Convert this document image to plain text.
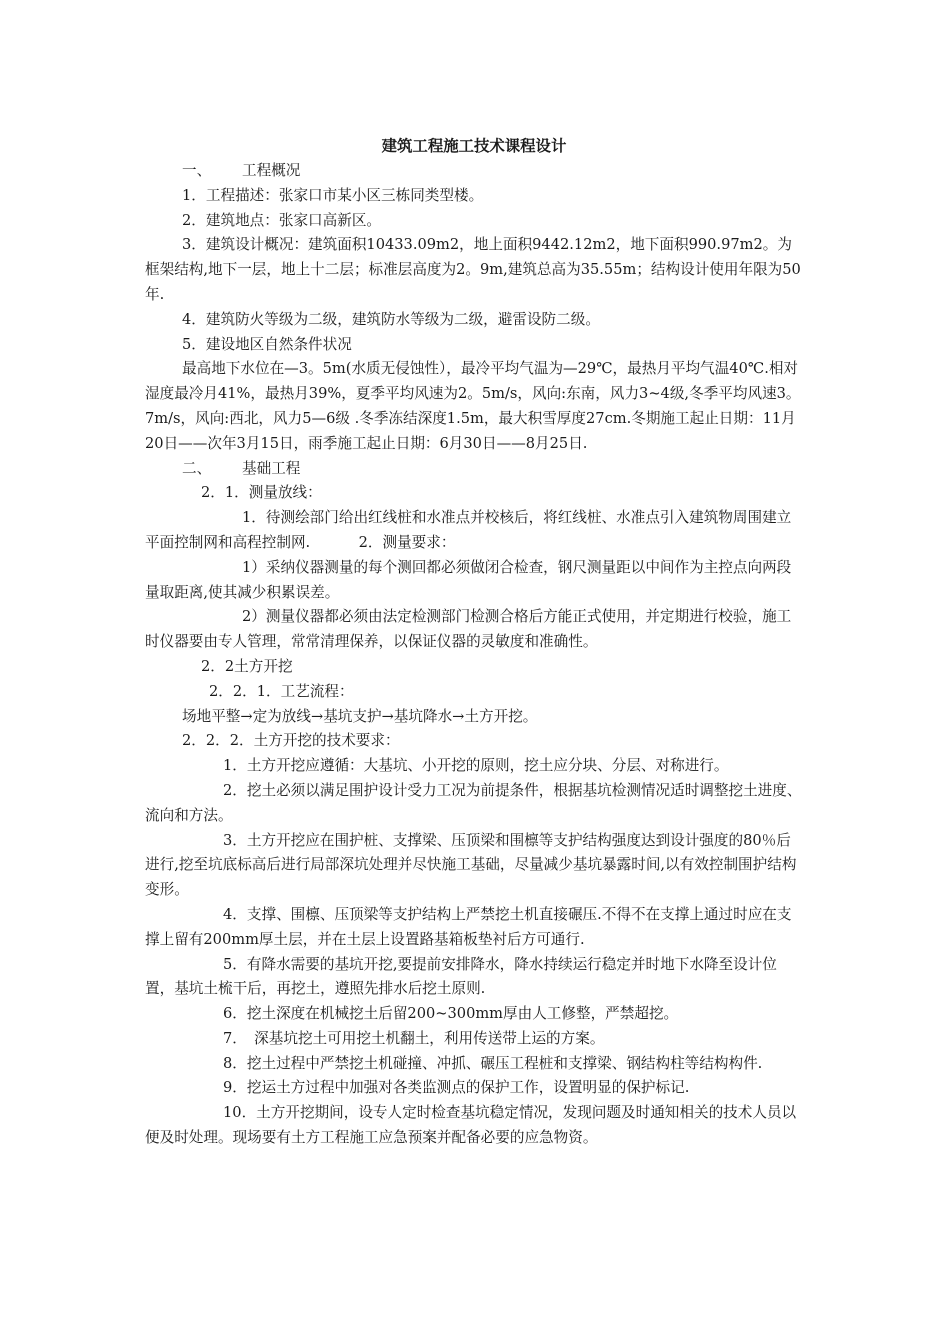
建筑工程施工技术课程设计

一、 工程概况

1．工程描述：张家口市某小区三栋同类型楼。

2．建筑地点：张家口高新区。

3．建筑设计概况：建筑面积10433.09m2，地上面积9442.12m2，地下面积990.97m2。为框架结构,地下一层，地上十二层；标准层高度为2。9m,建筑总高为35.55m；结构设计使用年限为50年.

4．建筑防火等级为二级，建筑防水等级为二级，避雷设防二级。

5．建设地区自然条件状况

最高地下水位在—3。5m(水质无侵蚀性），最冷平均气温为—29℃，最热月平均气温40℃.相对湿度最冷月41%，最热月39%，夏季平均风速为2。5m/s，风向:东南，风力3~4级,冬季平均风速3。7m/s，风向:西北，风力5—6级 .冬季冻结深度1.5m，最大积雪厚度27cm.冬期施工起止日期：11月20日——次年3月15日，雨季施工起止日期：6月30日——8月25日.

二、 基础工程

2．1．测量放线：

1．待测绘部门给出红线桩和水准点并校核后，将红线桩、水准点引入建筑物周围建立平面控制网和高程控制网.　　　 2．测量要求：

1）采纳仪器测量的每个测回都必须做闭合检查，钢尺测量距以中间作为主控点向两段量取距离,使其减少积累误差。

2）测量仪器都必须由法定检测部门检测合格后方能正式使用，并定期进行校验，施工时仪器要由专人管理，常常清理保养，以保证仪器的灵敏度和准确性。

2．2土方开挖

2．2．1．工艺流程：

场地平整→定为放线→基坑支护→基坑降水→土方开挖。

2．2．2．土方开挖的技术要求：

1．土方开挖应遵循：大基坑、小开挖的原则，挖土应分块、分层、对称进行。

2．挖土必须以满足围护设计受力工况为前提条件，根据基坑检测情况适时调整挖土进度、流向和方法。

3．土方开挖应在围护桩、支撑梁、压顶梁和围檩等支护结构强度达到设计强度的80％后进行,挖至坑底标高后进行局部深坑处理并尽快施工基础，尽量减少基坑暴露时间,以有效控制围护结构变形。

4．支撑、围檩、压顶梁等支护结构上严禁挖土机直接碾压.不得不在支撑上通过时应在支撑上留有200mm厚土层，并在土层上设置路基箱板垫衬后方可通行.

5．有降水需要的基坑开挖,要提前安排降水，降水持续运行稳定并时地下水降至设计位置，基坑土梳干后，再挖土，遵照先排水后挖土原则.

6．挖土深度在机械挖土后留200~300mm厚由人工修整，严禁超挖。

7．　深基坑挖土可用挖土机翻土，利用传送带上运的方案。

8．挖土过程中严禁挖土机碰撞、冲抓、碾压工程桩和支撑梁、钢结构柱等结构构件.

9．挖运土方过程中加强对各类监测点的保护工作，设置明显的保护标记.

10．土方开挖期间，设专人定时检查基坑稳定情况，发现问题及时通知相关的技术人员以便及时处理。现场要有土方工程施工应急预案并配备必要的应急物资。
